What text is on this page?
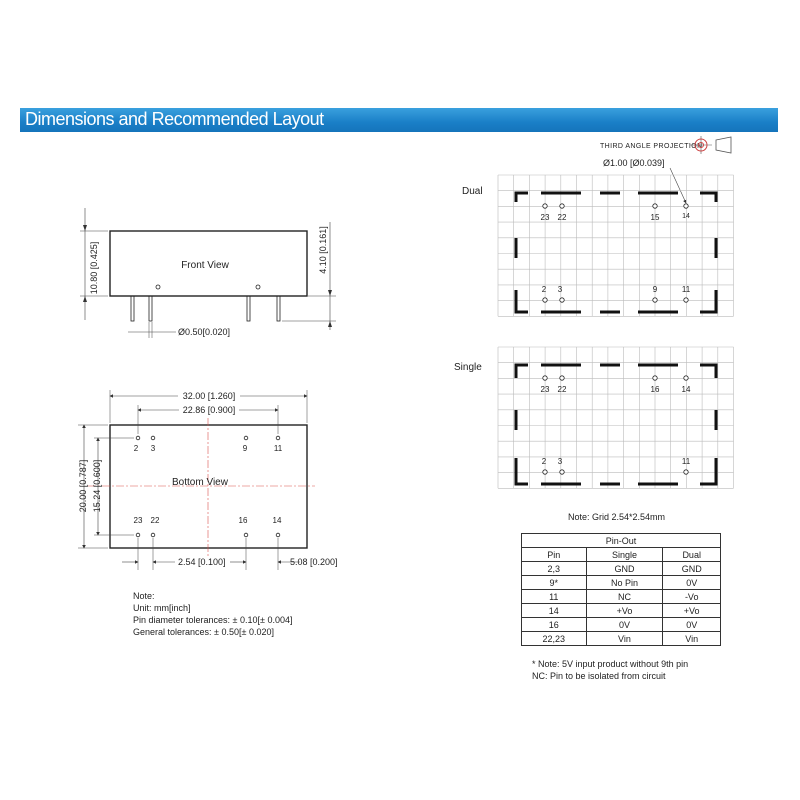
Dimensions and Recommended Layout
THIRD ANGLE PROJECTION
Front View
10.80 [0.425]	4.10 [0.161]
Ø0.50[0.020]
Bottom View
2 3	9	11
23 22	16	14
32.00 [1.260]
22.86 [0.900]
20.00 [0.787] 15.24 [0.600]
2.54 [0.100]	5.08 [0.200]
Dual
Ø1.00 [Ø0.039]
23 22	15	14
2 3	9	11
Single
23 22	16	14
2 3	11
Note: Grid 2.54*2.54mm
Note:
Unit: mm[inch]
Pin diameter tolerances: ± 0.10[± 0.004]
General tolerances: ± 0.50[± 0.020]
Pin-Out		
Pin	Single	Dual
2,3	GND	GND
9*	No Pin	0V
11	NC	-Vo
14	+Vo	+Vo
16	0V	0V
22,23	Vin	Vin
* Note: 5V input product without 9th pin
NC: Pin to be isolated from circuit
